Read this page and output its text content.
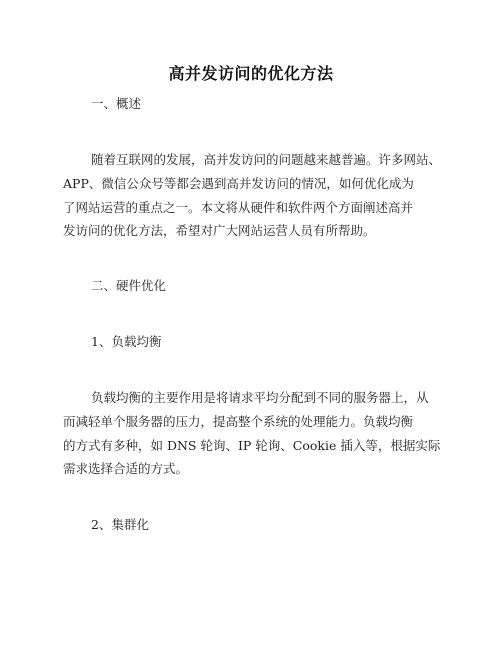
高并发访问的优化方法
一、概述
随着互联网的发展，高并发访问的问题越来越普遍。许多网站、
APP、微信公众号等都会遇到高并发访问的情况，如何优化成为
了网站运营的重点之一。本文将从硬件和软件两个方面阐述高并
发访问的优化方法，希望对广大网站运营人员有所帮助。
二、硬件优化
1、负载均衡
负载均衡的主要作用是将请求平均分配到不同的服务器上，从
而减轻单个服务器的压力，提高整个系统的处理能力。负载均衡
的方式有多种，如 DNS 轮询、IP 轮询、Cookie 插入等，根据实际
需求选择合适的方式。
2、集群化
